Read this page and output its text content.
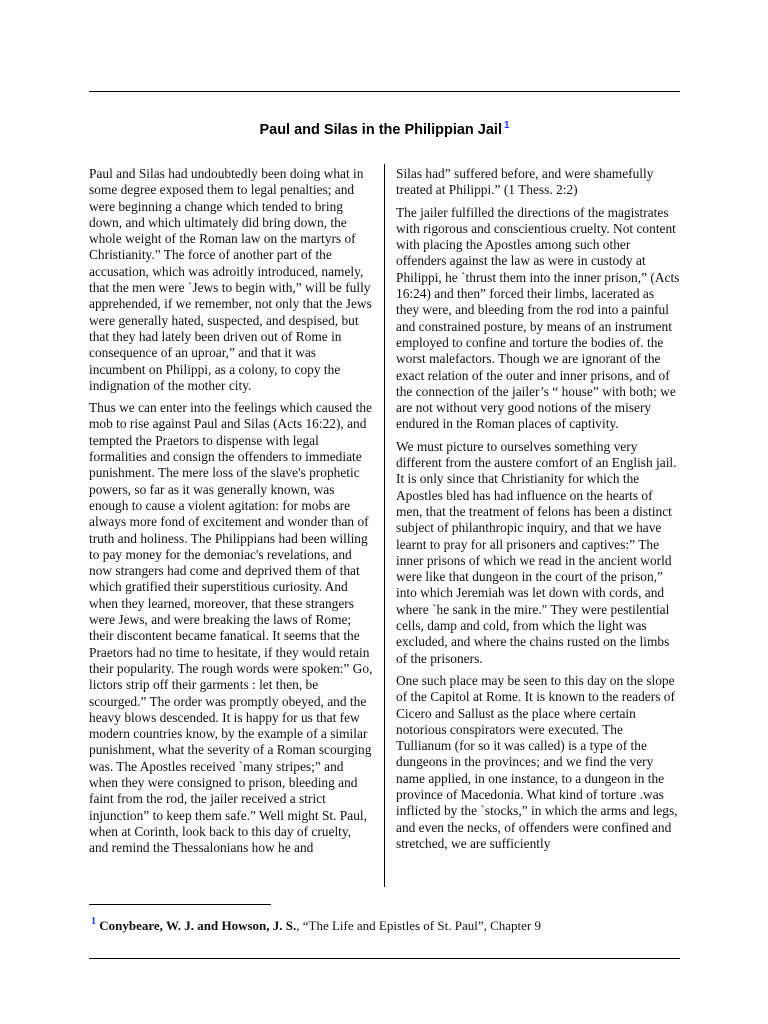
Paul and Silas in the Philippian Jail $^1$

Paul and Silas had undoubtedly been doing what in some degree exposed them to legal penalties; and were beginning a change which tended to bring down, and which ultimately did bring down, the whole weight of the Roman law on the martyrs of Christianity.” The force of another part of the accusation, which was adroitly introduced, namely, that the men were `Jews to begin with,” will be fully apprehended, if we remember, not only that the Jews were generally hated, suspected, and despised, but that they had lately been driven out of Rome in consequence of an uproar,” and that it was incumbent on Philippi, as a colony, to copy the indignation of the mother city.

Thus we can enter into the feelings which caused the mob to rise against Paul and Silas (Acts 16:22), and tempted the Praetors to dispense with legal formalities and consign the offenders to immediate punishment. The mere loss of the slave's prophetic powers, so far as it was generally known, was enough to cause a violent agitation: for mobs are always more fond of excitement and wonder than of truth and holiness. The Philippians had been willing to pay money for the demoniac's revelations, and now strangers had come and deprived them of that which gratified their superstitious curiosity. And when they learned, moreover, that these strangers were Jews, and were breaking the laws of Rome; their discontent became fanatical. It seems that the Praetors had no time to hesitate, if they would retain their popularity. The rough words were spoken:” Go, lictors strip off their garments : let then, be scourged.” The order was promptly obeyed, and the heavy blows descended. It is happy for us that few modern countries know, by the example of a similar punishment, what the severity of a Roman scourging was. The Apostles received `many stripes;” and when they were consigned to prison, bleeding and faint from the rod, the jailer received a strict injunction” to keep them safe.” Well might St. Paul, when at Corinth, look back to this day of cruelty, and remind the Thessalonians how he and

Silas had” suffered before, and were shamefully treated at Philippi.” (1 Thess. 2:2)

The jailer fulfilled the directions of the magistrates with rigorous and conscientious cruelty. Not content with placing the Apostles among such other offenders against the law as were in custody at Philippi, he `thrust them into the inner prison,” (Acts 16:24) and then” forced their limbs, lacerated as they were, and bleeding from the rod into a painful and constrained posture, by means of an instrument employed to confine and torture the bodies of. the worst malefactors. Though we are ignorant of the exact relation of the outer and inner prisons, and of the connection of the jailer’s “ house” with both; we are not without very good notions of the misery endured in the Roman places of captivity.

We must picture to ourselves something very different from the austere comfort of an English jail. It is only since that Christianity for which the Apostles bled has had influence on the hearts of men, that the treatment of felons has been a distinct subject of philanthropic inquiry, and that we have learnt to pray for all prisoners and captives:” The inner prisons of which we read in the ancient world were like that dungeon in the court of the prison,” into which Jeremiah was let down with cords, and where `he sank in the mire." They were pestilential cells, damp and cold, from which the light was excluded, and where the chains rusted on the limbs of the prisoners.

One such place may be seen to this day on the slope of the Capitol at Rome. It is known to the readers of Cicero and Sallust as the place where certain notorious conspirators were executed. The Tullianum (for so it was called) is a type of the dungeons in the provinces; and we find the very name applied, in one instance, to a dungeon in the province of Macedonia. What kind of torture .was inflicted by the `stocks,” in which the arms and legs, and even the necks, of offenders were confined and stretched, we are sufficiently

$^1$ Conybeare, W. J. and Howson, J. S., “The Life and Epistles of St. Paul”, Chapter 9
